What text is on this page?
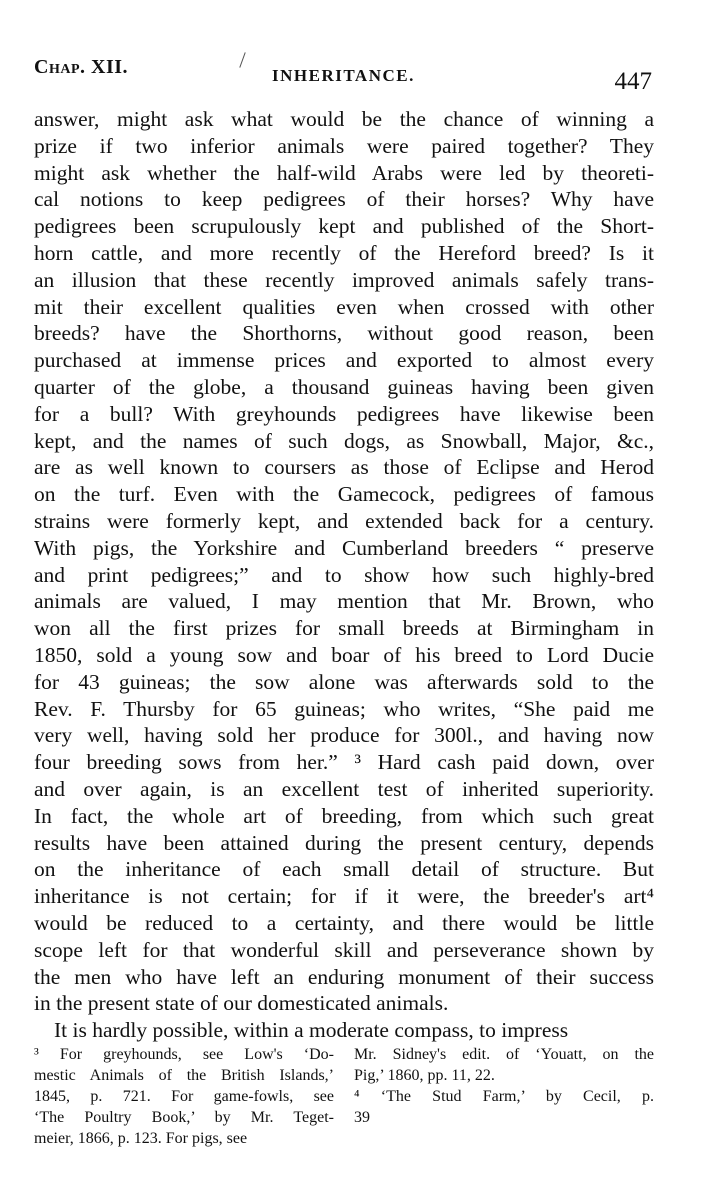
Chap. XII.	INHERITANCE.	447
answer, might ask what would be the chance of winning a
prize if two inferior animals were paired together? They
might ask whether the half-wild Arabs were led by theoreti-
cal notions to keep pedigrees of their horses? Why have
pedigrees been scrupulously kept and published of the Short-
horn cattle, and more recently of the Hereford breed? Is it
an illusion that these recently improved animals safely trans-
mit their excellent qualities even when crossed with other
breeds? have the Shorthorns, without good reason, been
purchased at immense prices and exported to almost every
quarter of the globe, a thousand guineas having been given
for a bull? With greyhounds pedigrees have likewise been
kept, and the names of such dogs, as Snowball, Major, &c.,
are as well known to coursers as those of Eclipse and Herod
on the turf. Even with the Gamecock, pedigrees of famous
strains were formerly kept, and extended back for a century.
With pigs, the Yorkshire and Cumberland breeders “ preserve
and print pedigrees;” and to show how such highly-bred
animals are valued, I may mention that Mr. Brown, who
won all the first prizes for small breeds at Birmingham in
1850, sold a young sow and boar of his breed to Lord Ducie
for 43 guineas; the sow alone was afterwards sold to the
Rev. F. Thursby for 65 guineas; who writes, “She paid me
very well, having sold her produce for 300l., and having now
four breeding sows from her.” ³ Hard cash paid down, over
and over again, is an excellent test of inherited superiority.
In fact, the whole art of breeding, from which such great
results have been attained during the present century, depends
on the inheritance of each small detail of structure. But
inheritance is not certain; for if it were, the breeder's art⁴
would be reduced to a certainty, and there would be little
scope left for that wonderful skill and perseverance shown by
the men who have left an enduring monument of their success
in the present state of our domesticated animals.
It is hardly possible, within a moderate compass, to impress
³ For greyhounds, see Low's ‘Do-
mestic Animals of the British Islands,’
1845, p. 721. For game-fowls, see
‘The Poultry Book,’ by Mr. Teget-
meier, 1866, p. 123. For pigs, see
Mr. Sidney's edit. of ‘Youatt, on the
Pig,’ 1860, pp. 11, 22.
⁴ ‘The Stud Farm,’ by Cecil, p.
39
